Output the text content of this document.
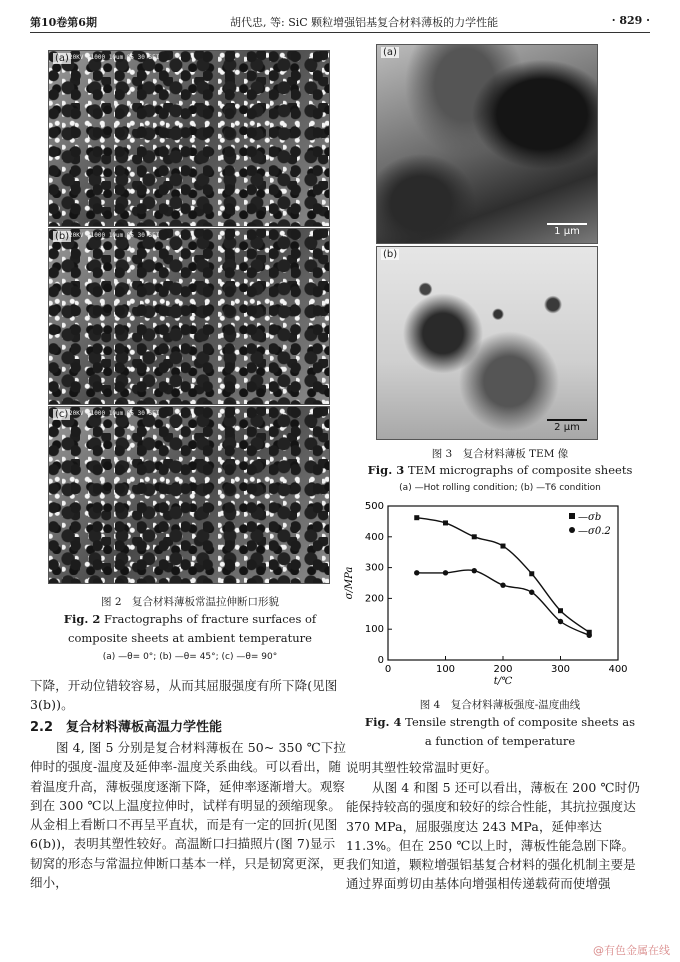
第10卷第6期	胡代忠, 等: SiC 颗粒增强铝基复合材料薄板的力学性能	· 829 ·
(a) 20KV X1000 10um 05 30 SEI
(b) 20KV X1000 10um 05 30 SEI
(c) 20KV X1000 10um 05 30 SEI
图 2　复合材料薄板常温拉伸断口形貌
Fig. 2 Fractographs of fracture surfaces of
composite sheets at ambient temperature
(a) —θ= 0°; (b) —θ= 45°; (c) —θ= 90°
下降，开动位错较容易，从而其屈服强度有所下降(见图 3(b))。
2.2　复合材料薄板高温力学性能
图 4, 图 5 分别是复合材料薄板在 50~ 350 ℃下拉伸时的强度-温度及延伸率-温度关系曲线。可以看出，随着温度升高，薄板强度逐渐下降，延伸率逐渐增大。观察到在 300 ℃以上温度拉伸时，试样有明显的颈缩现象。从金相上看断口不再呈平直状，而是有一定的回折(见图 6(b))，表明其塑性较好。高温断口扫描照片(图 7)显示韧窝的形态与常温拉伸断口基本一样，只是韧窝更深，更细小，
(a)
1 μm
(b)
2 μm
图 3　复合材料薄板 TEM 像
Fig. 3 TEM micrographs of composite sheets
(a) —Hot rolling condition; (b) —T6 condition
0	100	200	300	400
0
100
200
300
400
500
t/℃
σ/MPa
—σb
—σ0.2
图 4　复合材料薄板强度-温度曲线
Fig. 4 Tensile strength of composite sheets as
a function of temperature
说明其塑性较常温时更好。
从图 4 和图 5 还可以看出，薄板在 200 ℃时仍能保持较高的强度和较好的综合性能，其抗拉强度达 370 MPa，屈服强度达 243 MPa，延伸率达 11.3%。但在 250 ℃以上时，薄板性能急剧下降。我们知道，颗粒增强铝基复合材料的强化机制主要是通过界面剪切由基体向增强相传递载荷而使增强
@有色金属在线
